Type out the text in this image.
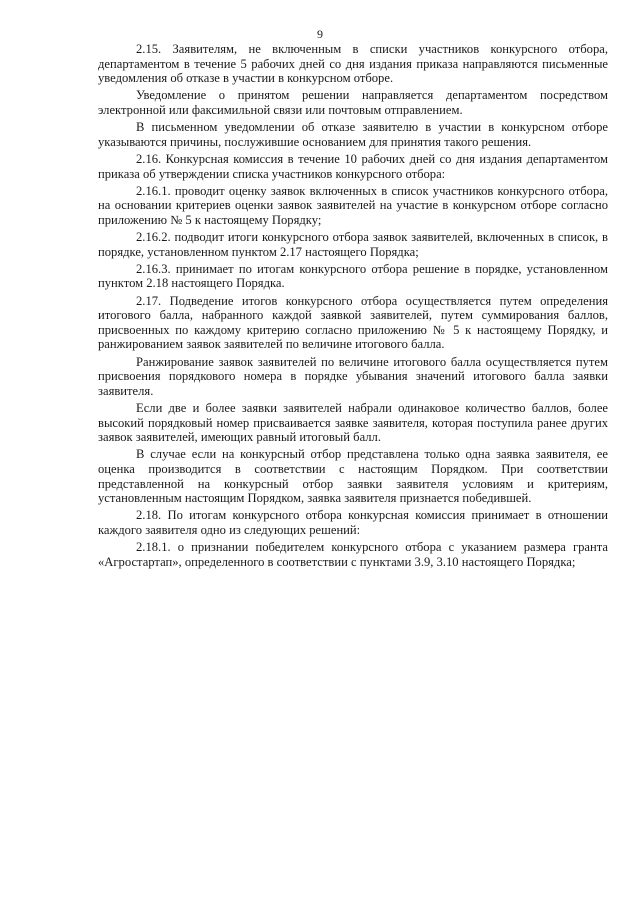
9

2.15. Заявителям, не включенным в списки участников конкурсного отбора, департаментом в течение 5 рабочих дней со дня издания приказа направляются письменные уведомления об отказе в участии в конкурсном отборе.

Уведомление о принятом решении направляется департаментом посредством электронной или факсимильной связи или почтовым отправлением.

В письменном уведомлении об отказе заявителю в участии в конкурсном отборе указываются причины, послужившие основанием для принятия такого решения.

2.16. Конкурсная комиссия в течение 10 рабочих дней со дня издания департаментом приказа об утверждении списка участников конкурсного отбора:

2.16.1. проводит оценку заявок включенных в список участников конкурсного отбора, на основании критериев оценки заявок заявителей на участие в конкурсном отборе согласно приложению № 5 к настоящему Порядку;

2.16.2. подводит итоги конкурсного отбора заявок заявителей, включенных в список, в порядке, установленном пунктом 2.17 настоящего Порядка;

2.16.3. принимает по итогам конкурсного отбора решение в порядке, установленном пунктом 2.18 настоящего Порядка.

2.17. Подведение итогов конкурсного отбора осуществляется путем определения итогового балла, набранного каждой заявкой заявителей, путем суммирования баллов, присвоенных по каждому критерию согласно приложению № 5 к настоящему Порядку, и ранжированием заявок заявителей по величине итогового балла.

Ранжирование заявок заявителей по величине итогового балла осуществляется путем присвоения порядкового номера в порядке убывания значений итогового балла заявки заявителя.

Если две и более заявки заявителей набрали одинаковое количество баллов, более высокий порядковый номер присваивается заявке заявителя, которая поступила ранее других заявок заявителей, имеющих равный итоговый балл.

В случае если на конкурсный отбор представлена только одна заявка заявителя, ее оценка производится в соответствии с настоящим Порядком. При соответствии представленной на конкурсный отбор заявки заявителя условиям и критериям, установленным настоящим Порядком, заявка заявителя признается победившей.

2.18. По итогам конкурсного отбора конкурсная комиссия принимает в отношении каждого заявителя одно из следующих решений:

2.18.1. о признании победителем конкурсного отбора с указанием размера гранта «Агростартап», определенного в соответствии с пунктами 3.9, 3.10 настоящего Порядка;
